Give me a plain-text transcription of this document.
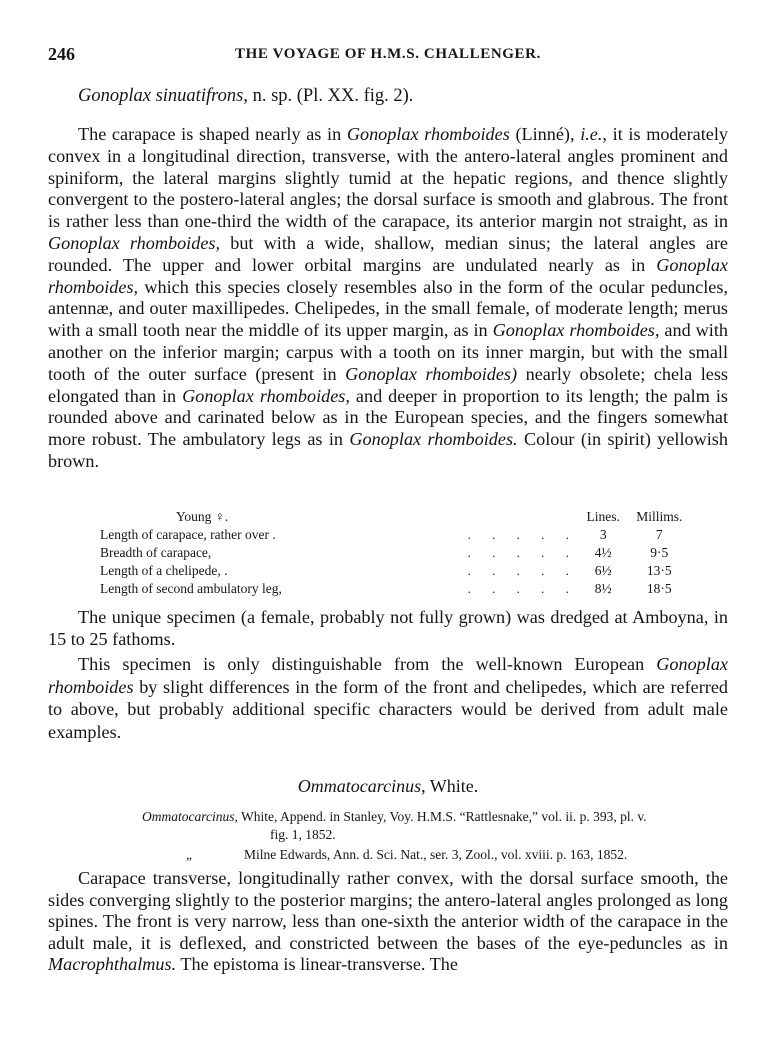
246	THE VOYAGE OF H.M.S. CHALLENGER.
Gonoplax sinuatifrons, n. sp. (Pl. XX. fig. 2).

The carapace is shaped nearly as in Gonoplax rhomboides (Linné), i.e., it is moderately convex in a longitudinal direction, transverse, with the antero-lateral angles prominent and spiniform, the lateral margins slightly tumid at the hepatic regions, and thence slightly convergent to the postero-lateral angles; the dorsal surface is smooth and glabrous. The front is rather less than one-third the width of the carapace, its anterior margin not straight, as in Gonoplax rhomboides, but with a wide, shallow, median sinus; the lateral angles are rounded. The upper and lower orbital margins are undulated nearly as in Gonoplax rhomboides, which this species closely resembles also in the form of the ocular peduncles, antennæ, and outer maxillipedes. Chelipedes, in the small female, of moderate length; merus with a small tooth near the middle of its upper margin, as in Gonoplax rhomboides, and with another on the inferior margin; carpus with a tooth on its inner margin, but with the small tooth of the outer surface (present in Gonoplax rhomboides) nearly obsolete; chela less elongated than in Gonoplax rhomboides, and deeper in proportion to its length; the palm is rounded above and carinated below as in the European species, and the fingers somewhat more robust. The ambulatory legs as in Gonoplax rhomboides. Colour (in spirit) yellowish brown.

Young ♀.		Lines.	Millims.
Length of carapace, rather over .	. . . . .	3	7
Breadth of carapace,	. . . . .	4½	9·5
Length of a chelipede, .	. . . . .	6½	13·5
Length of second ambulatory leg,	. . . . .	8½	18·5

The unique specimen (a female, probably not fully grown) was dredged at Amboyna, in 15 to 25 fathoms.

This specimen is only distinguishable from the well-known European Gonoplax rhomboides by slight differences in the form of the front and chelipedes, which are referred to above, but probably additional specific characters would be derived from adult male examples.

Ommatocarcinus, White.
Ommatocarcinus, White, Append. in Stanley, Voy. H.M.S. “Rattlesnake,” vol. ii. p. 393, pl. v.
fig. 1, 1852.
„	Milne Edwards, Ann. d. Sci. Nat., ser. 3, Zool., vol. xviii. p. 163, 1852.

Carapace transverse, longitudinally rather convex, with the dorsal surface smooth, the sides converging slightly to the posterior margins; the antero-lateral angles prolonged as long spines. The front is very narrow, less than one-sixth the anterior width of the carapace in the adult male, it is deflexed, and constricted between the bases of the eye-peduncles as in Macrophthalmus. The epistoma is linear-transverse. The
